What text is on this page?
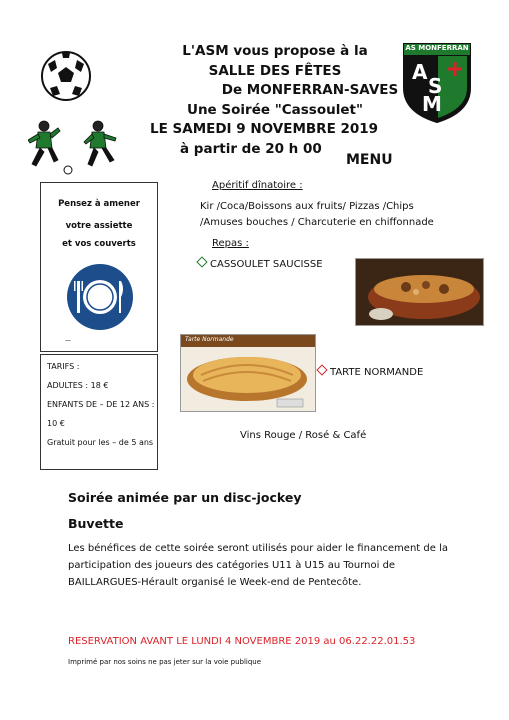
L'ASM vous propose à la
SALLE DES FÊTES
De MONFERRAN-SAVES
Une Soirée "Cassoulet"
LE SAMEDI 9 NOVEMBRE 2019
à partir de 20 h 00
AS MONFERRAN
A
S
M
MENU
Pensez à amener
votre assiette
et vos couverts
—
TARIFS :
ADULTES : 18 €
ENFANTS DE – DE 12 ANS :
10 €
Gratuit pour les – de 5 ans
Apéritif dînatoire :
Kir /Coca/Boissons aux fruits/ Pizzas /Chips
/Amuses bouches / Charcuterie en chiffonnade
Repas :
CASSOULET SAUCISSE
Tarte Normande
TARTE NORMANDE
Vins Rouge / Rosé & Café
Soirée animée par un disc-jockey
Buvette
Les bénéfices de cette soirée seront utilisés pour aider le financement de la
participation des joueurs des catégories U11 à U15 au Tournoi de
BAILLARGUES-Hérault organisé le Week-end de Pentecôte.
RESERVATION AVANT LE LUNDI 4 NOVEMBRE 2019 au 06.22.22.01.53
Imprimé par nos soins ne pas jeter sur la voie publique
